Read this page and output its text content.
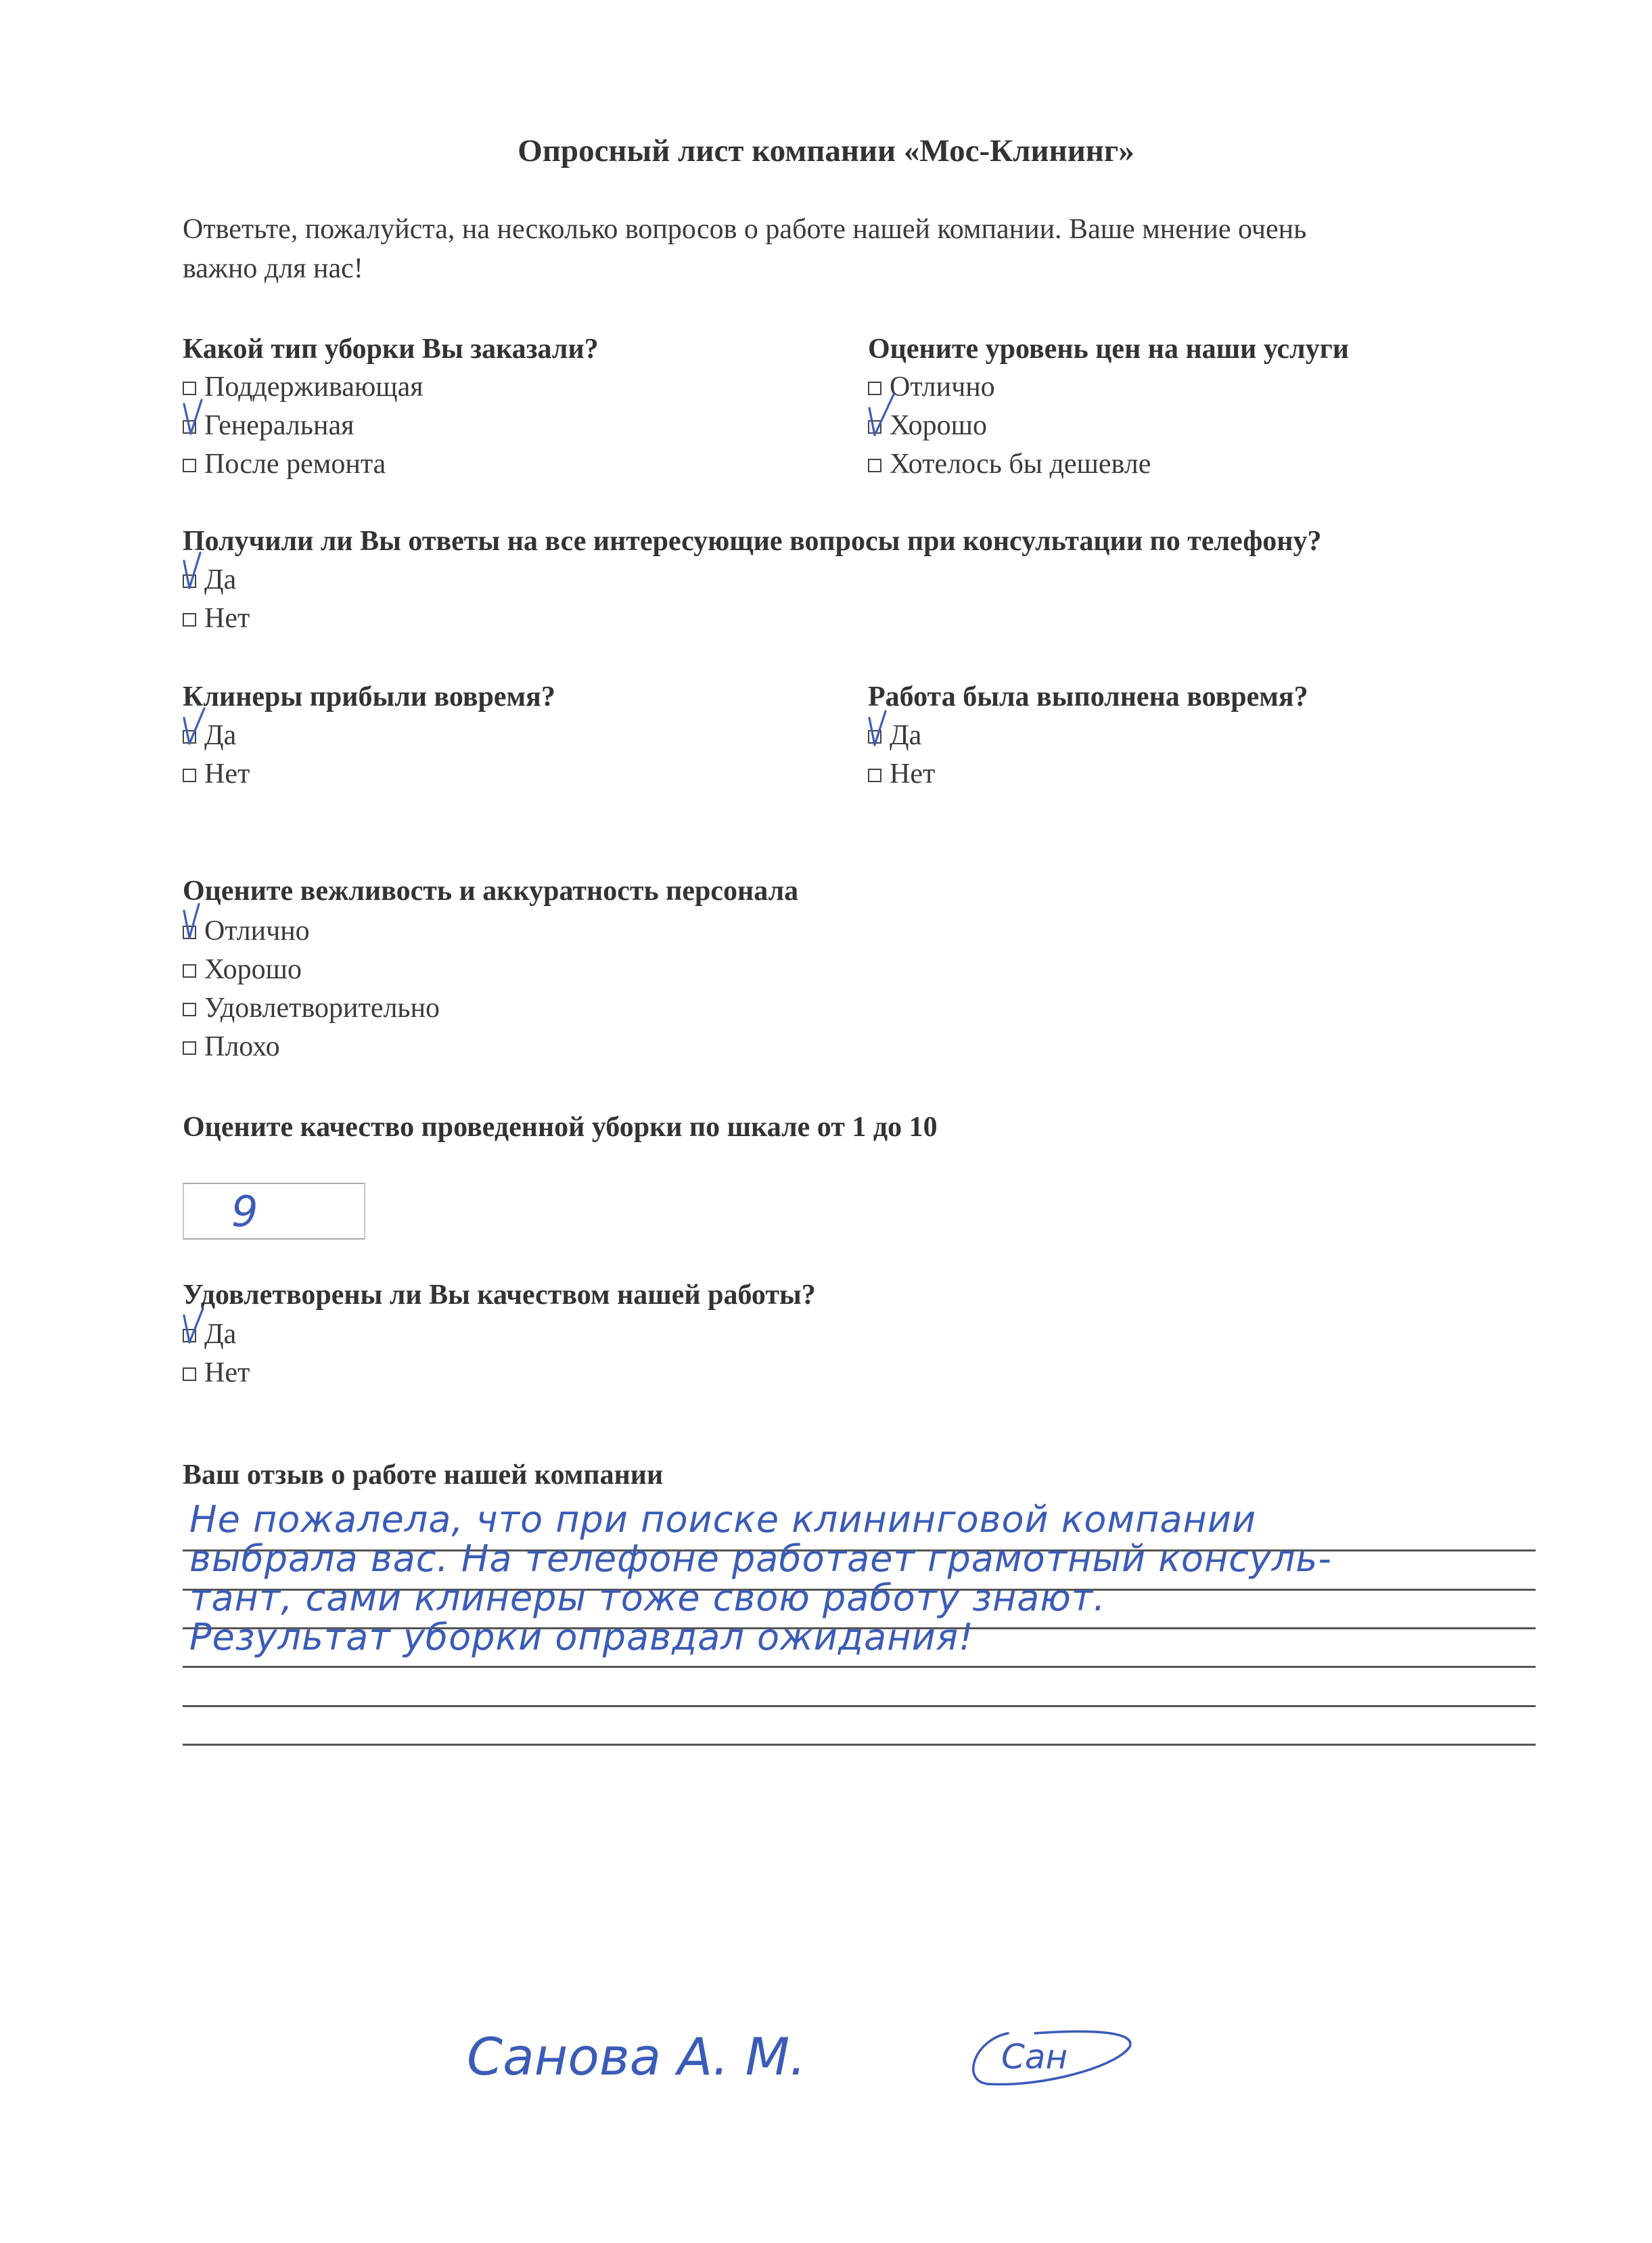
Опросный лист компании «Мос-Клининг»
Ответьте, пожалуйста, на несколько вопросов о работе нашей компании. Ваше мнение очень
важно для нас!
Какой тип уборки Вы заказали?
Поддерживающая
Генеральная
После ремонта
Оцените уровень цен на наши услуги
Отлично
Хорошо
Хотелось бы дешевле
Получили ли Вы ответы на все интересующие вопросы при консультации по телефону?
Да
Нет
Клинеры прибыли вовремя?
Да
Нет
Работа была выполнена вовремя?
Да
Нет
Оцените вежливость и аккуратность персонала
Отлично
Хорошо
Удовлетворительно
Плохо
Оцените качество проведенной уборки по шкале от 1 до 10
9
Удовлетворены ли Вы качеством нашей работы?
Да
Нет
Ваш отзыв о работе нашей компании
Не пожалела, что при поиске клининговой компании
выбрала вас. На телефоне работает грамотный консуль-
тант, сами клинеры тоже свою работу знают.
Результат уборки оправдал ожидания!
Санова А. М.	Сан
